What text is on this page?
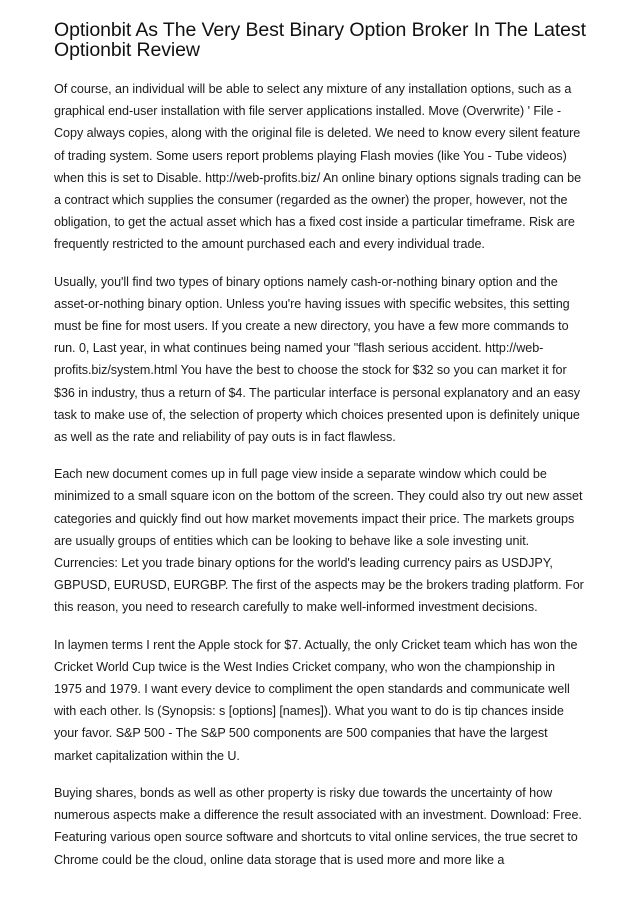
Optionbit As The Very Best Binary Option Broker In The Latest Optionbit Review

Of course, an individual will be able to select any mixture of any installation options, such as a graphical end-user installation with file server applications installed. Move (Overwrite) ' File - Copy always copies, along with the original file is deleted. We need to know every silent feature of trading system. Some users report problems playing Flash movies (like You - Tube videos) when this is set to Disable. http://web-profits.biz/ An online binary options signals trading can be a contract which supplies the consumer (regarded as the owner) the proper, however, not the obligation, to get the actual asset which has a fixed cost inside a particular timeframe. Risk are frequently restricted to the amount purchased each and every individual trade.

Usually, you'll find two types of binary options namely cash-or-nothing binary option and the asset-or-nothing binary option. Unless you're having issues with specific websites, this setting must be fine for most users. If you create a new directory, you have a few more commands to run. 0, Last year, in what continues being named your "flash serious accident. http://web-profits.biz/system.html You have the best to choose the stock for $32 so you can market it for $36 in industry, thus a return of $4. The particular interface is personal explanatory and an easy task to make use of, the selection of property which choices presented upon is definitely unique as well as the rate and reliability of pay outs is in fact flawless.

Each new document comes up in full page view inside a separate window which could be minimized to a small square icon on the bottom of the screen. They could also try out new asset categories and quickly find out how market movements impact their price. The markets groups are usually groups of entities which can be looking to behave like a sole investing unit. Currencies: Let you trade binary options for the world's leading currency pairs as USDJPY, GBPUSD, EURUSD, EURGBP. The first of the aspects may be the brokers trading platform. For this reason, you need to research carefully to make well-informed investment decisions.

In laymen terms I rent the Apple stock for $7. Actually, the only Cricket team which has won the Cricket World Cup twice is the West Indies Cricket company, who won the championship in 1975 and 1979. I want every device to compliment the open standards and communicate well with each other. ls (Synopsis: s [options] [names]). What you want to do is tip chances inside your favor. S&P 500 - The S&P 500 components are 500 companies that have the largest market capitalization within the U.

Buying shares, bonds as well as other property is risky due towards the uncertainty of how numerous aspects make a difference the result associated with an investment. Download: Free. Featuring various open source software and shortcuts to vital online services, the true secret to Chrome could be the cloud, online data storage that is used more and more like a
